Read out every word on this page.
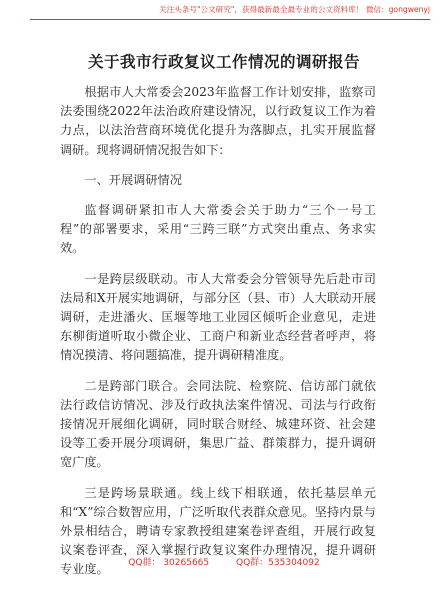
关注头条号"公文研究"，获得最新最全最专业的公文资料库！ 微信：gongwenyj
关于我市行政复议工作情况的调研报告

根据市人大常委会2023年监督工作计划安排，监察司法委围绕2022年法治政府建设情况，以行政复议工作为着力点，以法治营商环境优化提升为落脚点，扎实开展监督调研。现将调研情况报告如下：

一、开展调研情况

监督调研紧扣市人大常委会关于助力“三个一号工程”的部署要求，采用“三跨三联”方式突出重点、务求实效。

一是跨层级联动。市人大常委会分管领导先后赴市司法局和X开展实地调研，与部分区（县、市）人大联动开展调研，走进潘火、匡堰等地工业园区倾听企业意见，走进东柳街道听取小微企业、工商户和新业态经营者呼声，将情况摸清、将问题搞准，提升调研精准度。

二是跨部门联合。会同法院、检察院、信访部门就依法行政信访情况、涉及行政执法案件情况、司法与行政衔接情况开展细化调研，同时联合财经、城建环资、社会建设等工委开展分项调研，集思广益、群策群力，提升调研宽广度。

三是跨场景联通。线上线下相联通，依托基层单元和“X”综合数智应用，广泛听取代表群众意见。坚持内景与外景相结合，聘请专家教授组建案卷评查组，开展行政复议案卷评查，深入掌握行政复议案件办理情况，提升调研专业度。	QQ群： 30265665	QQ群：535304092
